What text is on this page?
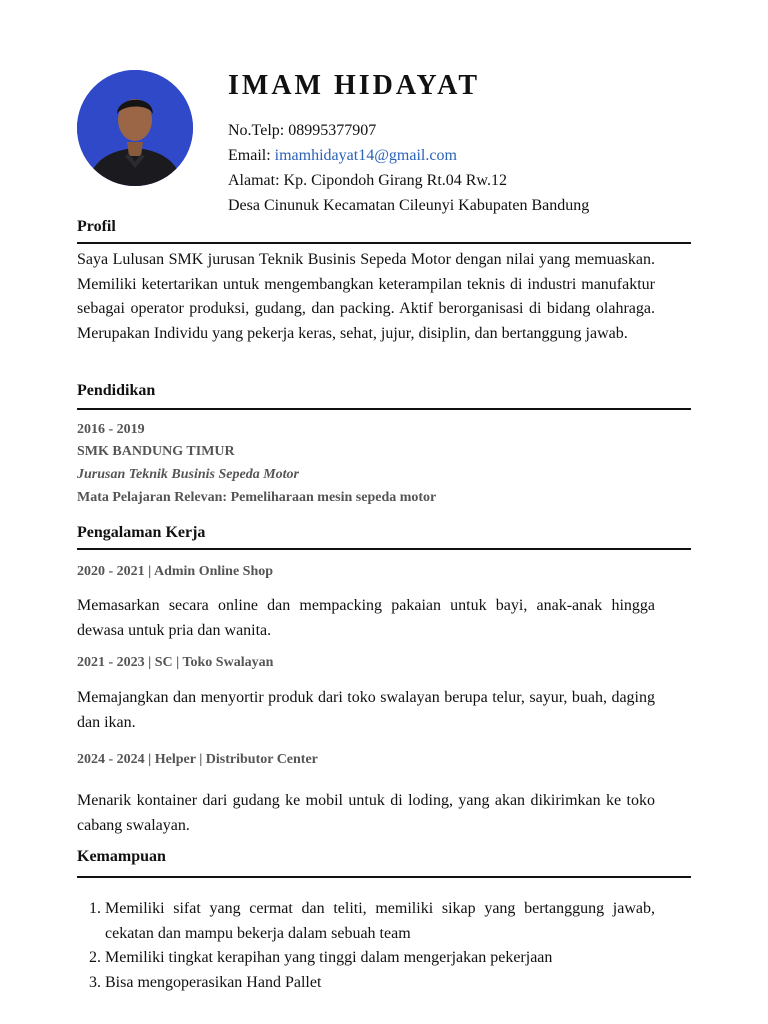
IMAM HIDAYAT
No.Telp: 08995377907
Email: imamhidayat14@gmail.com
Alamat: Kp. Cipondoh Girang Rt.04 Rw.12
Desa Cinunuk Kecamatan Cileunyi Kabupaten Bandung
Profil

Saya Lulusan SMK jurusan Teknik Businis Sepeda Motor dengan nilai yang memuaskan. Memiliki ketertarikan untuk mengembangkan keterampilan teknis di industri manufaktur sebagai operator produksi, gudang, dan packing. Aktif berorganisasi di bidang olahraga. Merupakan Individu yang pekerja keras, sehat, jujur, disiplin, dan bertanggung jawab.

Pendidikan

2016 - 2019

SMK BANDUNG TIMUR

Jurusan Teknik Businis Sepeda Motor

Mata Pelajaran Relevan: Pemeliharaan mesin sepeda motor

Pengalaman Kerja

2020 - 2021 | Admin Online Shop

Memasarkan secara online dan mempacking pakaian untuk bayi, anak-anak hingga dewasa untuk pria dan wanita.

2021 - 2023 | SC | Toko Swalayan

Memajangkan dan menyortir produk dari toko swalayan berupa telur, sayur, buah, daging dan ikan.

2024 - 2024 | Helper | Distributor Center

Menarik kontainer dari gudang ke mobil untuk di loding, yang akan dikirimkan ke toko cabang swalayan.

Kemampuan
1. Memiliki sifat yang cermat dan teliti, memiliki sikap yang bertanggung jawab, cekatan dan mampu bekerja dalam sebuah team
2. Memiliki tingkat kerapihan yang tinggi dalam mengerjakan pekerjaan
3. Bisa mengoperasikan Hand Pallet
